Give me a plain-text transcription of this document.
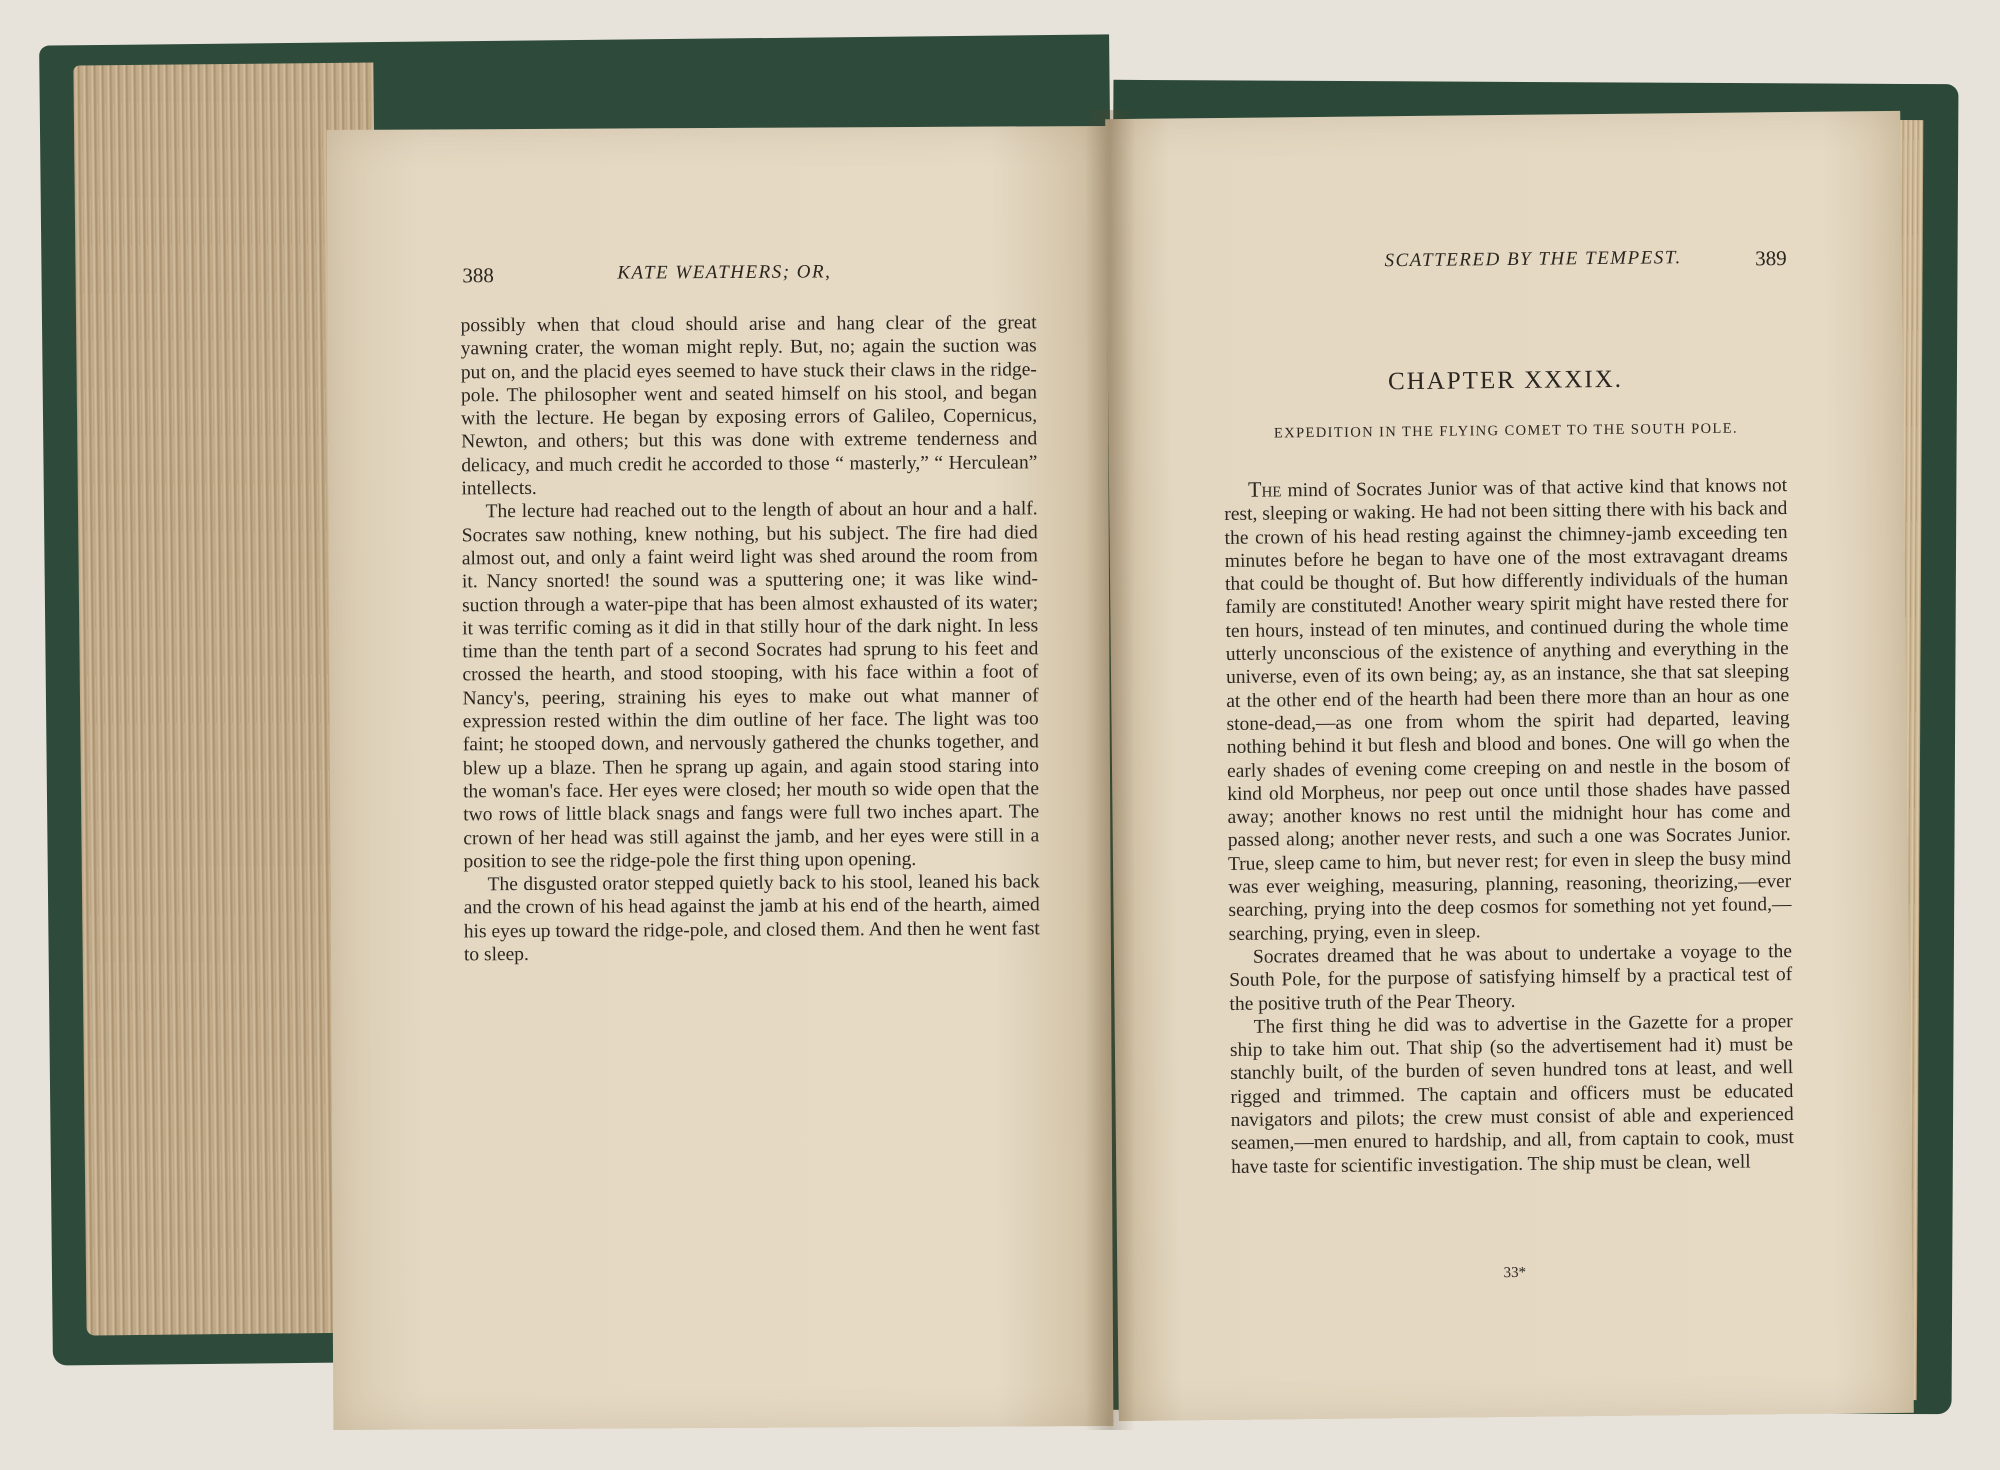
388	KATE WEATHERS; OR,

possibly when that cloud should arise and hang clear of the great yawning crater, the woman might reply. But, no; again the suction was put on, and the placid eyes seemed to have stuck their claws in the ridge-pole. The philosopher went and seated himself on his stool, and began with the lecture. He began by exposing errors of Galileo, Copernicus, Newton, and others; but this was done with extreme tenderness and delicacy, and much credit he accorded to those “ masterly,” “ Herculean” intellects.

The lecture had reached out to the length of about an hour and a half. Socrates saw nothing, knew nothing, but his subject. The fire had died almost out, and only a faint weird light was shed around the room from it. Nancy snorted! the sound was a sputtering one; it was like wind-suction through a water-pipe that has been almost exhausted of its water; it was terrific coming as it did in that stilly hour of the dark night. In less time than the tenth part of a second Socrates had sprung to his feet and crossed the hearth, and stood stooping, with his face within a foot of Nancy's, peering, straining his eyes to make out what manner of expression rested within the dim outline of her face. The light was too faint; he stooped down, and nervously gathered the chunks together, and blew up a blaze. Then he sprang up again, and again stood staring into the woman's face. Her eyes were closed; her mouth so wide open that the two rows of little black snags and fangs were full two inches apart. The crown of her head was still against the jamb, and her eyes were still in a position to see the ridge-pole the first thing upon opening.

The disgusted orator stepped quietly back to his stool, leaned his back and the crown of his head against the jamb at his end of the hearth, aimed his eyes up toward the ridge-pole, and closed them. And then he went fast to sleep.

SCATTERED BY THE TEMPEST.	389
CHAPTER XXXIX.
EXPEDITION IN THE FLYING COMET TO THE SOUTH POLE.

The mind of Socrates Junior was of that active kind that knows not rest, sleeping or waking. He had not been sitting there with his back and the crown of his head resting against the chimney-jamb exceeding ten minutes before he began to have one of the most extravagant dreams that could be thought of. But how differently individuals of the human family are constituted! Another weary spirit might have rested there for ten hours, instead of ten minutes, and continued during the whole time utterly unconscious of the existence of anything and everything in the universe, even of its own being; ay, as an instance, she that sat sleeping at the other end of the hearth had been there more than an hour as one stone-dead,—as one from whom the spirit had departed, leaving nothing behind it but flesh and blood and bones. One will go when the early shades of evening come creeping on and nestle in the bosom of kind old Morpheus, nor peep out once until those shades have passed away; another knows no rest until the midnight hour has come and passed along; another never rests, and such a one was Socrates Junior. True, sleep came to him, but never rest; for even in sleep the busy mind was ever weighing, measuring, planning, reasoning, theorizing,—ever searching, prying into the deep cosmos for something not yet found,—searching, prying, even in sleep.

Socrates dreamed that he was about to undertake a voyage to the South Pole, for the purpose of satisfying himself by a practical test of the positive truth of the Pear Theory.

The first thing he did was to advertise in the Gazette for a proper ship to take him out. That ship (so the advertisement had it) must be stanchly built, of the burden of seven hundred tons at least, and well rigged and trimmed. The captain and officers must be educated navigators and pilots; the crew must consist of able and experienced seamen,—men enured to hardship, and all, from captain to cook, must have taste for scientific investigation. The ship must be clean, well

33*
